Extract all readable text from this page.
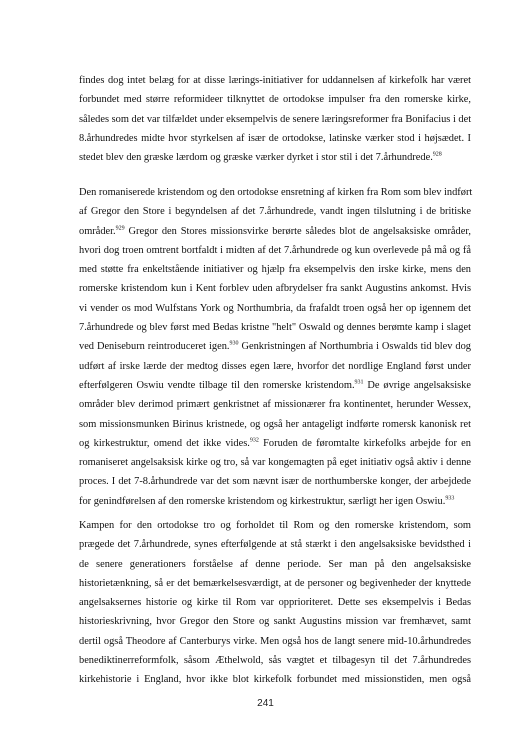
findes dog intet belæg for at disse lærings-initiativer for uddannelsen af kirkefolk har været
forbundet med større reformideer tilknyttet de ortodokse impulser fra den romerske kirke,
således som det var tilfældet under eksempelvis de senere læringsreformer fra Bonifacius i det
8.århundredes midte hvor styrkelsen af især de ortodokse, latinske værker stod i højsædet. I
stedet blev den græske lærdom og græske værker dyrket i stor stil i det 7.århundrede.$^{928}$
Den romaniserede kristendom og den ortodokse ensretning af kirken fra Rom som blev indført
af Gregor den Store i begyndelsen af det 7.århundrede, vandt ingen tilslutning i de britiske
områder.$^{929}$ Gregor den Stores missionsvirke berørte således blot de angelsaksiske områder,
hvori dog troen omtrent bortfaldt i midten af det 7.århundrede og kun overlevede på må og få
med støtte fra enkeltstående initiativer og hjælp fra eksempelvis den irske kirke, mens den
romerske kristendom kun i Kent forblev uden afbrydelser fra sankt Augustins ankomst. Hvis
vi vender os mod Wulfstans York og Northumbria, da frafaldt troen også her op igennem det
7.århundrede og blev først med Bedas kristne "helt" Oswald og dennes berømte kamp i slaget
ved Deniseburn reintroduceret igen.$^{930}$ Genkristningen af Northumbria i Oswalds tid blev dog
udført af irske lærde der medtog disses egen lære, hvorfor det nordlige England først under
efterfølgeren Oswiu vendte tilbage til den romerske kristendom.$^{931}$ De øvrige angelsaksiske
områder blev derimod primært genkristnet af missionærer fra kontinentet, herunder Wessex,
som missionsmunken Birinus kristnede, og også her antageligt indførte romersk kanonisk ret
og kirkestruktur, omend det ikke vides.$^{932}$ Foruden de føromtalte kirkefolks arbejde for en
romaniseret angelsaksisk kirke og tro, så var kongemagten på eget initiativ også aktiv i denne
proces. I det 7-8.århundrede var det som nævnt især de northumberske konger, der arbejdede
for genindførelsen af den romerske kristendom og kirkestruktur, særligt her igen Oswiu.$^{933}$
Kampen for den ortodokse tro og forholdet til Rom og den romerske kristendom, som
prægede det 7.århundrede, synes efterfølgende at stå stærkt i den angelsaksiske bevidsthed i
de senere generationers forståelse af denne periode. Ser man på den angelsaksiske
historietænkning, så er det bemærkelsesværdigt, at de personer og begivenheder der knyttede
angelsaksernes historie og kirke til Rom var opprioriteret. Dette ses eksempelvis i Bedas
historieskrivning, hvor Gregor den Store og sankt Augustins mission var fremhævet, samt
dertil også Theodore af Canterburys virke. Men også hos de langt senere mid-10.århundredes
benediktinerreformfolk, såsom Æthelwold, sås vægtet et tilbagesyn til det 7.århundredes
kirkehistorie i England, hvor ikke blot kirkefolk forbundet med missionstiden, men også
241
